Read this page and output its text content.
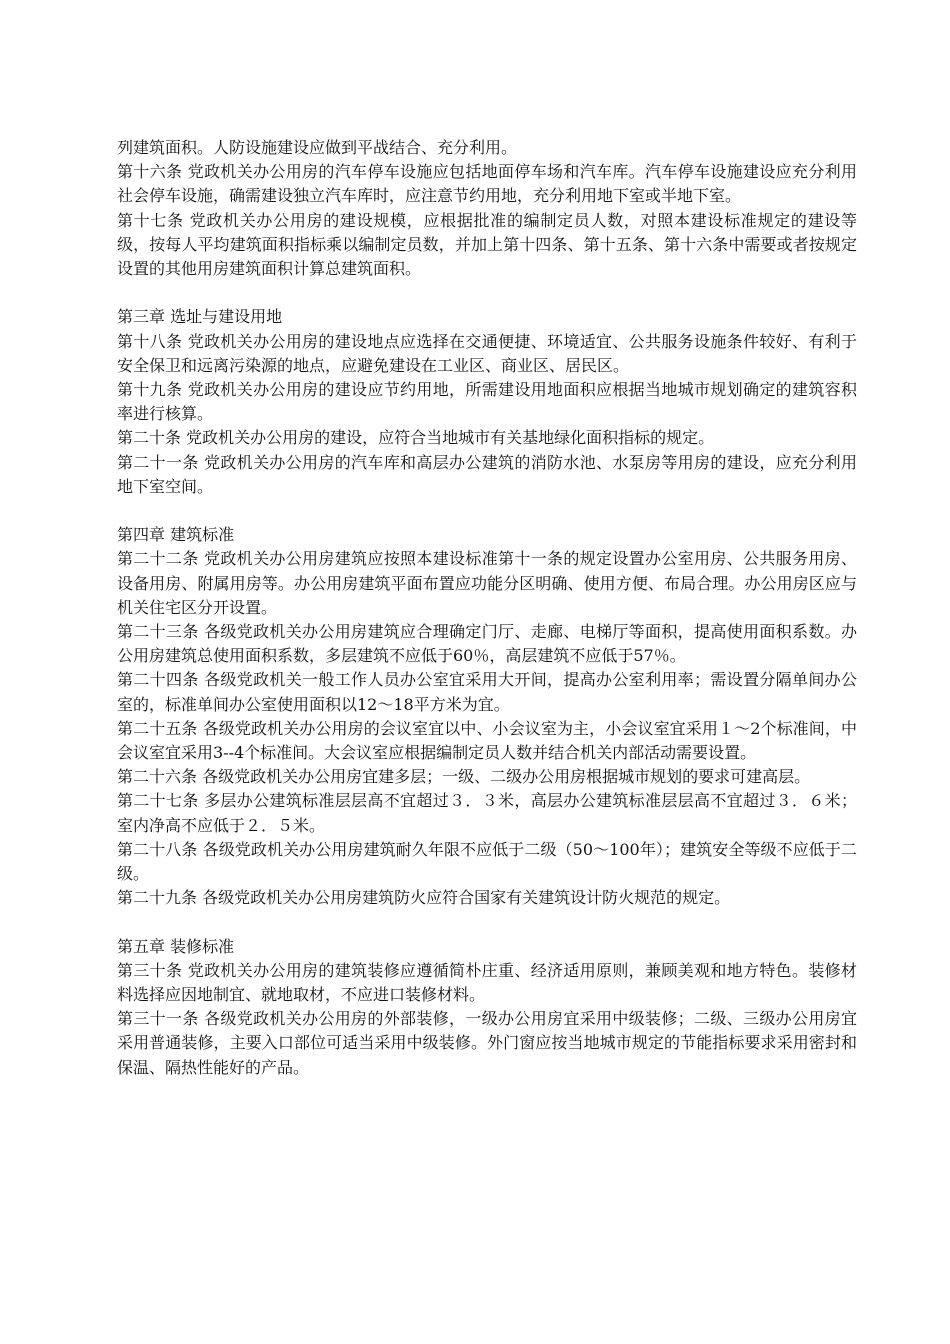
列建筑面积。人防设施建设应做到平战结合、充分利用。

第十六条 党政机关办公用房的汽车停车设施应包括地面停车场和汽车库。汽车停车设施建设应充分利用社会停车设施，确需建设独立汽车库时，应注意节约用地，充分利用地下室或半地下室。

第十七条 党政机关办公用房的建设规模，应根据批准的编制定员人数，对照本建设标准规定的建设等级，按每人平均建筑面积指标乘以编制定员数，并加上第十四条、第十五条、第十六条中需要或者按规定设置的其他用房建筑面积计算总建筑面积。

第三章 选址与建设用地

第十八条 党政机关办公用房的建设地点应选择在交通便捷、环境适宜、公共服务设施条件较好、有利于安全保卫和远离污染源的地点，应避免建设在工业区、商业区、居民区。

第十九条 党政机关办公用房的建设应节约用地，所需建设用地面积应根据当地城市规划确定的建筑容积率进行核算。

第二十条 党政机关办公用房的建设，应符合当地城市有关基地绿化面积指标的规定。

第二十一条 党政机关办公用房的汽车库和高层办公建筑的消防水池、水泵房等用房的建设，应充分利用地下室空间。

第四章 建筑标准

第二十二条 党政机关办公用房建筑应按照本建设标准第十一条的规定设置办公室用房、公共服务用房、设备用房、附属用房等。办公用房建筑平面布置应功能分区明确、使用方便、布局合理。办公用房区应与机关住宅区分开设置。

第二十三条 各级党政机关办公用房建筑应合理确定门厅、走廊、电梯厅等面积，提高使用面积系数。办公用房建筑总使用面积系数，多层建筑不应低于60％，高层建筑不应低于57％。

第二十四条 各级党政机关一般工作人员办公室宜采用大开间，提高办公室利用率；需设置分隔单间办公室的，标准单间办公室使用面积以12～18平方米为宜。

第二十五条 各级党政机关办公用房的会议室宜以中、小会议室为主，小会议室宜采用１～2个标准间，中会议室宜采用3--4个标准间。大会议室应根据编制定员人数并结合机关内部活动需要设置。

第二十六条 各级党政机关办公用房宜建多层；一级、二级办公用房根据城市规划的要求可建高层。

第二十七条 多层办公建筑标准层层高不宜超过３．３米，高层办公建筑标准层层高不宜超过３．６米；室内净高不应低于２．５米。

第二十八条 各级党政机关办公用房建筑耐久年限不应低于二级（50～100年）；建筑安全等级不应低于二级。

第二十九条 各级党政机关办公用房建筑防火应符合国家有关建筑设计防火规范的规定。

第五章 装修标准

第三十条 党政机关办公用房的建筑装修应遵循简朴庄重、经济适用原则，兼顾美观和地方特色。装修材料选择应因地制宜、就地取材，不应进口装修材料。

第三十一条 各级党政机关办公用房的外部装修，一级办公用房宜采用中级装修；二级、三级办公用房宜采用普通装修，主要入口部位可适当采用中级装修。外门窗应按当地城市规定的节能指标要求采用密封和保温、隔热性能好的产品。
